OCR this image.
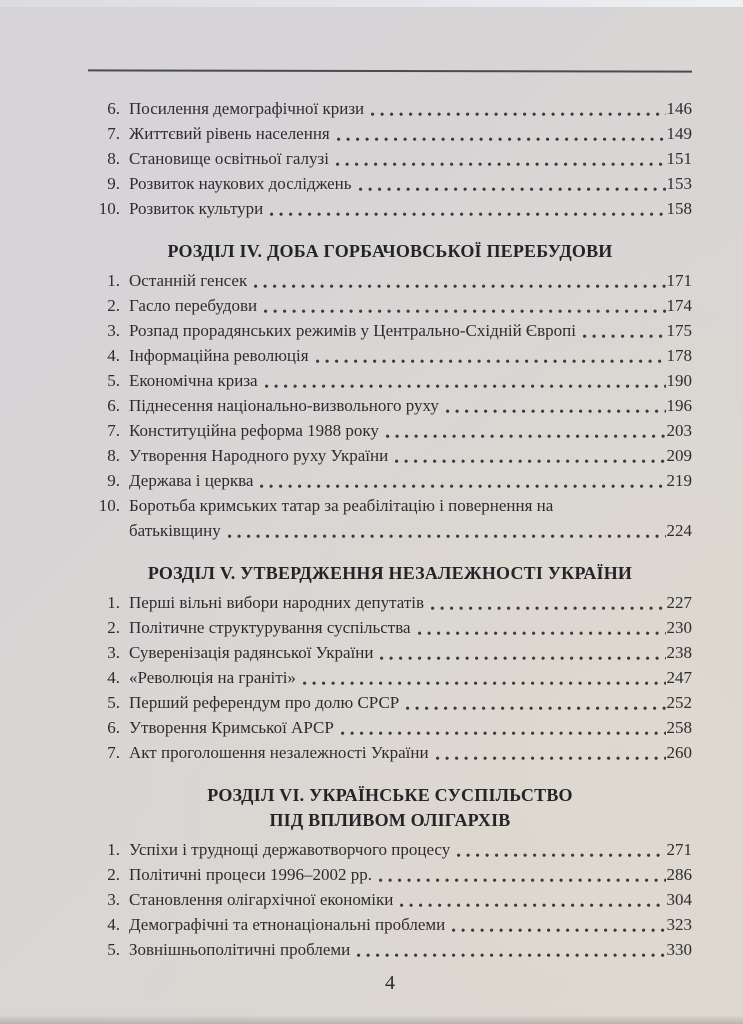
6. Посилення демографічної кризи	146
7. Життєвий рівень населення	149
8. Становище освітньої галузі	151
9. Розвиток наукових досліджень	153
10. Розвиток культури	158
РОЗДІЛ IV. ДОБА ГОРБАЧОВСЬКОЇ ПЕРЕБУДОВИ
1. Останній генсек	171
2. Гасло перебудови	174
3. Розпад прорадянських режимів у Центрально-Східній Європі	175
4. Інформаційна революція	178
5. Економічна криза	190
6. Піднесення національно-визвольного руху	196
7. Конституційна реформа 1988 року	203
8. Утворення Народного руху України	209
9. Держава і церква	219
10. Боротьба кримських татар за реабілітацію і повернення на
батьківщину	224
РОЗДІЛ V. УТВЕРДЖЕННЯ НЕЗАЛЕЖНОСТІ УКРАЇНИ
1. Перші вільні вибори народних депутатів	227
2. Політичне структурування суспільства	230
3. Суверенізація радянської України	238
4. «Революція на граніті»	247
5. Перший референдум про долю СРСР	252
6. Утворення Кримської АРСР	258
7. Акт проголошення незалежності України	260
РОЗДІЛ VI. УКРАЇНСЬКЕ СУСПІЛЬСТВО
ПІД ВПЛИВОМ ОЛІГАРХІВ
1. Успіхи і труднощі державотворчого процесу	271
2. Політичні процеси 1996–2002 рр.	286
3. Становлення олігархічної економіки	304
4. Демографічні та етнонаціональні проблеми	323
5. Зовнішньополітичні проблеми	330
4
